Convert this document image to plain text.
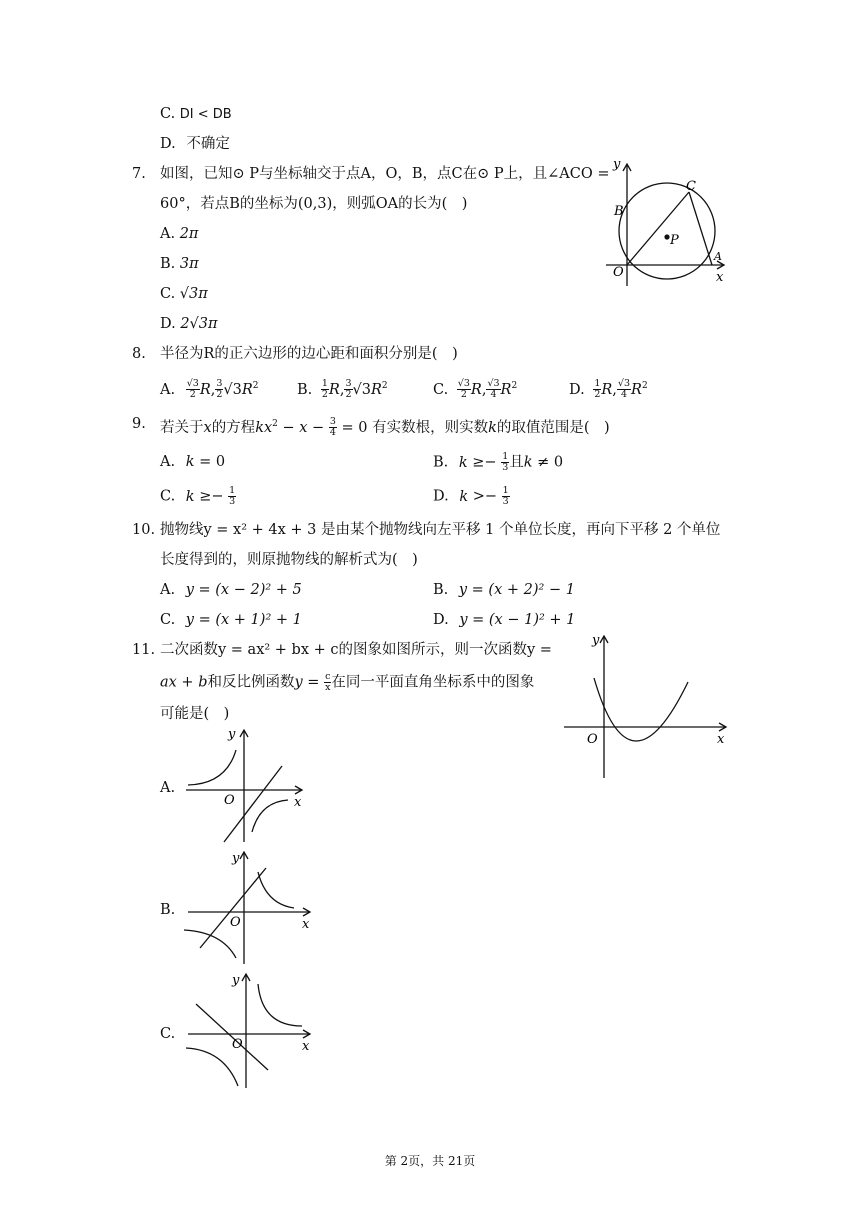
C. DI < DB
D. 不确定
7. 如图，已知⊙ P与坐标轴交于点A，O，B，点C在⊙ P上，且∠ACO =
60°，若点B的坐标为(0,3)，则弧OA的长为(　)
A. 2π
B. 3π
C. √3π
D. 2√3π
y
x
O
A
B
C
P
8. 半径为R的正六边形的边心距和面积分别是(　)
A. $\frac{√3}{2} R$, $\frac{3}{2} √3R^2$	B. $\frac{1}{2} R$, $\frac{3}{2} √3R^2$	C. $\frac{√3}{2} R$, $\frac{√3}{4} R^2$	D. $\frac{1}{2} R$, $\frac{√3}{4} R^2$
9. 若关于x的方程$kx^2 - x - \frac{3}{4} = 0$ 有实数根，则实数k的取值范围是(　)
A. k = 0	B. $k \ge- \frac{1}{3}$ 且k ≠ 0
C. $k \ge- \frac{1}{3}$	D. $k >- \frac{1}{3}$
10. 抛物线y = x² + 4x + 3 是由某个抛物线向左平移 1 个单位长度，再向下平移 2 个单位
长度得到的，则原抛物线的解析式为(　)
A. y = (x − 2)² + 5	B. y = (x + 2)² − 1
C. y = (x + 1)² + 1	D. y = (x − 1)² + 1
11. 二次函数y = ax² + bx + c的图象如图所示，则一次函数y =
ax + b和反比例函数$y = \frac{c}{x}$ 在同一平面直角坐标系中的图象
可能是(　)
y
x
O
A.
y
x
O
B.
y
x
O
C.
y
x
O
第 2页，共 21页
